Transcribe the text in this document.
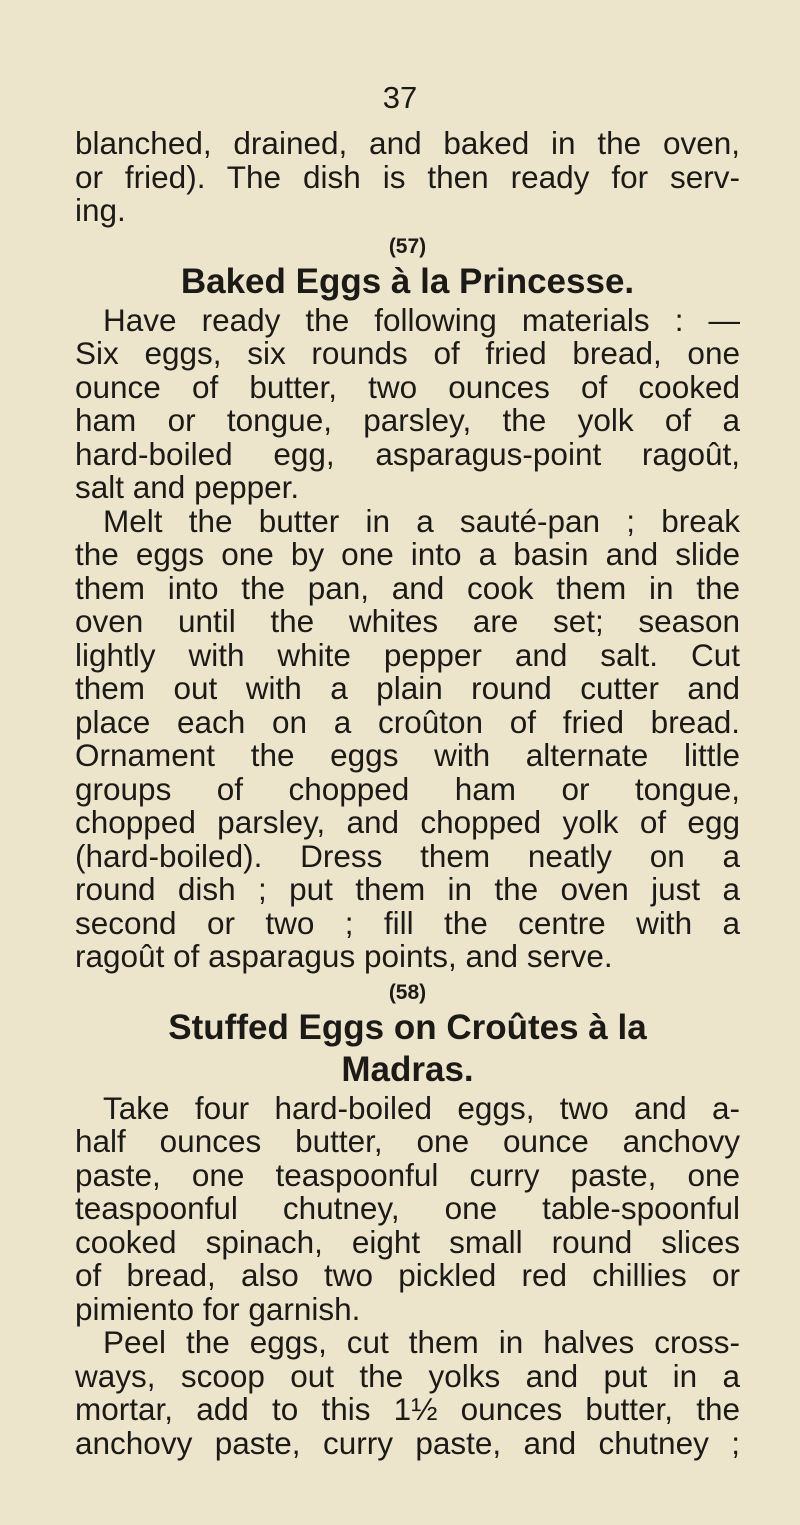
37
blanched, drained, and baked in the oven,
or fried). The dish is then ready for serv-
ing.
(57)
Baked Eggs à la Princesse.
Have ready the following materials : —
Six eggs, six rounds of fried bread, one
ounce of butter, two ounces of cooked
ham or tongue, parsley, the yolk of a
hard-boiled egg, asparagus-point ragoût,
salt and pepper.
Melt the butter in a sauté-pan ; break
the eggs one by one into a basin and slide
them into the pan, and cook them in the
oven until the whites are set; season
lightly with white pepper and salt. Cut
them out with a plain round cutter and
place each on a croûton of fried bread.
Ornament the eggs with alternate little
groups of chopped ham or tongue,
chopped parsley, and chopped yolk of egg
(hard-boiled). Dress them neatly on a
round dish ; put them in the oven just a
second or two ; fill the centre with a
ragoût of asparagus points, and serve.
(58)
Stuffed Eggs on Croûtes à la
Madras.
Take four hard-boiled eggs, two and a-
half ounces butter, one ounce anchovy
paste, one teaspoonful curry paste, one
teaspoonful chutney, one table-spoonful
cooked spinach, eight small round slices
of bread, also two pickled red chillies or
pimiento for garnish.
Peel the eggs, cut them in halves cross-
ways, scoop out the yolks and put in a
mortar, add to this 1½ ounces butter, the
anchovy paste, curry paste, and chutney ;
